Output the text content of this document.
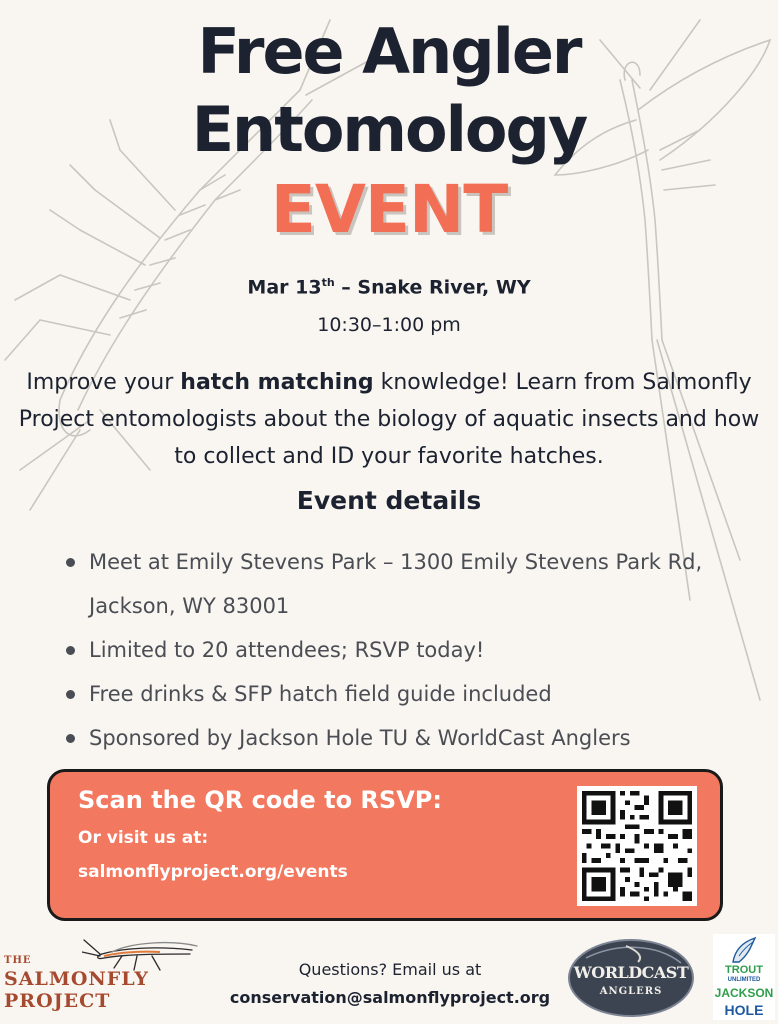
Free Angler
Entomology
EVENT
Mar 13th – Snake River, WY
10:30–1:00 pm
Improve your hatch matching knowledge! Learn from Salmonfly Project entomologists about the biology of aquatic insects and how to collect and ID your favorite hatches.
Event details
Meet at Emily Stevens Park – 1300 Emily Stevens Park Rd, Jackson, WY 83001
Limited to 20 attendees; RSVP today!
Free drinks & SFP hatch field guide included
Sponsored by Jackson Hole TU & WorldCast Anglers
Scan the QR code to RSVP:
Or visit us at:
salmonflyproject.org/events
THE
SALMONFLY
PROJECT
Questions? Email us at
conservation@salmonflyproject.org
WORLDCAST
ANGLERS
TROUT
UNLIMITED
JACKSON
HOLE
